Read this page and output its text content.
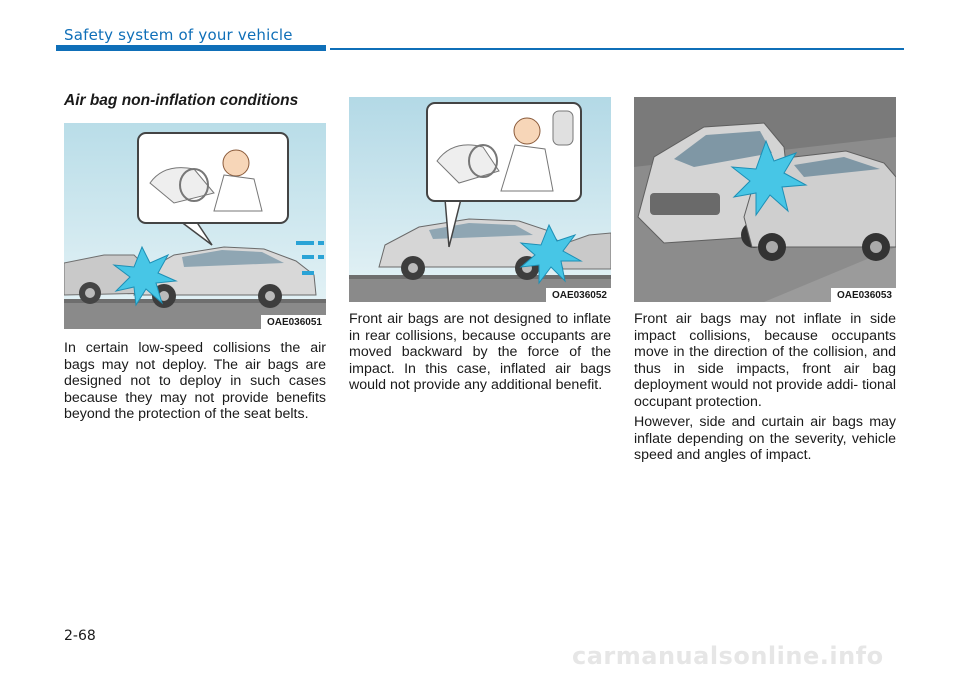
Safety system of your vehicle
Air bag non-inflation conditions
OAE036051
OAE036052	OAE036053

In certain low-speed collisions the air bags may not deploy. The air bags are designed not to deploy in such cases because they may not provide benefits beyond the protection of the seat belts.

Front air bags are not designed to inflate in rear collisions, because occupants are moved backward by the force of the impact. In this case, inflated air bags would not provide any additional benefit.

Front air bags may not inflate in side impact collisions, because occupants move in the direction of the collision, and thus in side impacts, front air bag deployment would not provide addi- tional occupant protection.

However, side and curtain air bags may inflate depending on the severity, vehicle speed and angles of impact.

2-68
carmanualsonline.info
